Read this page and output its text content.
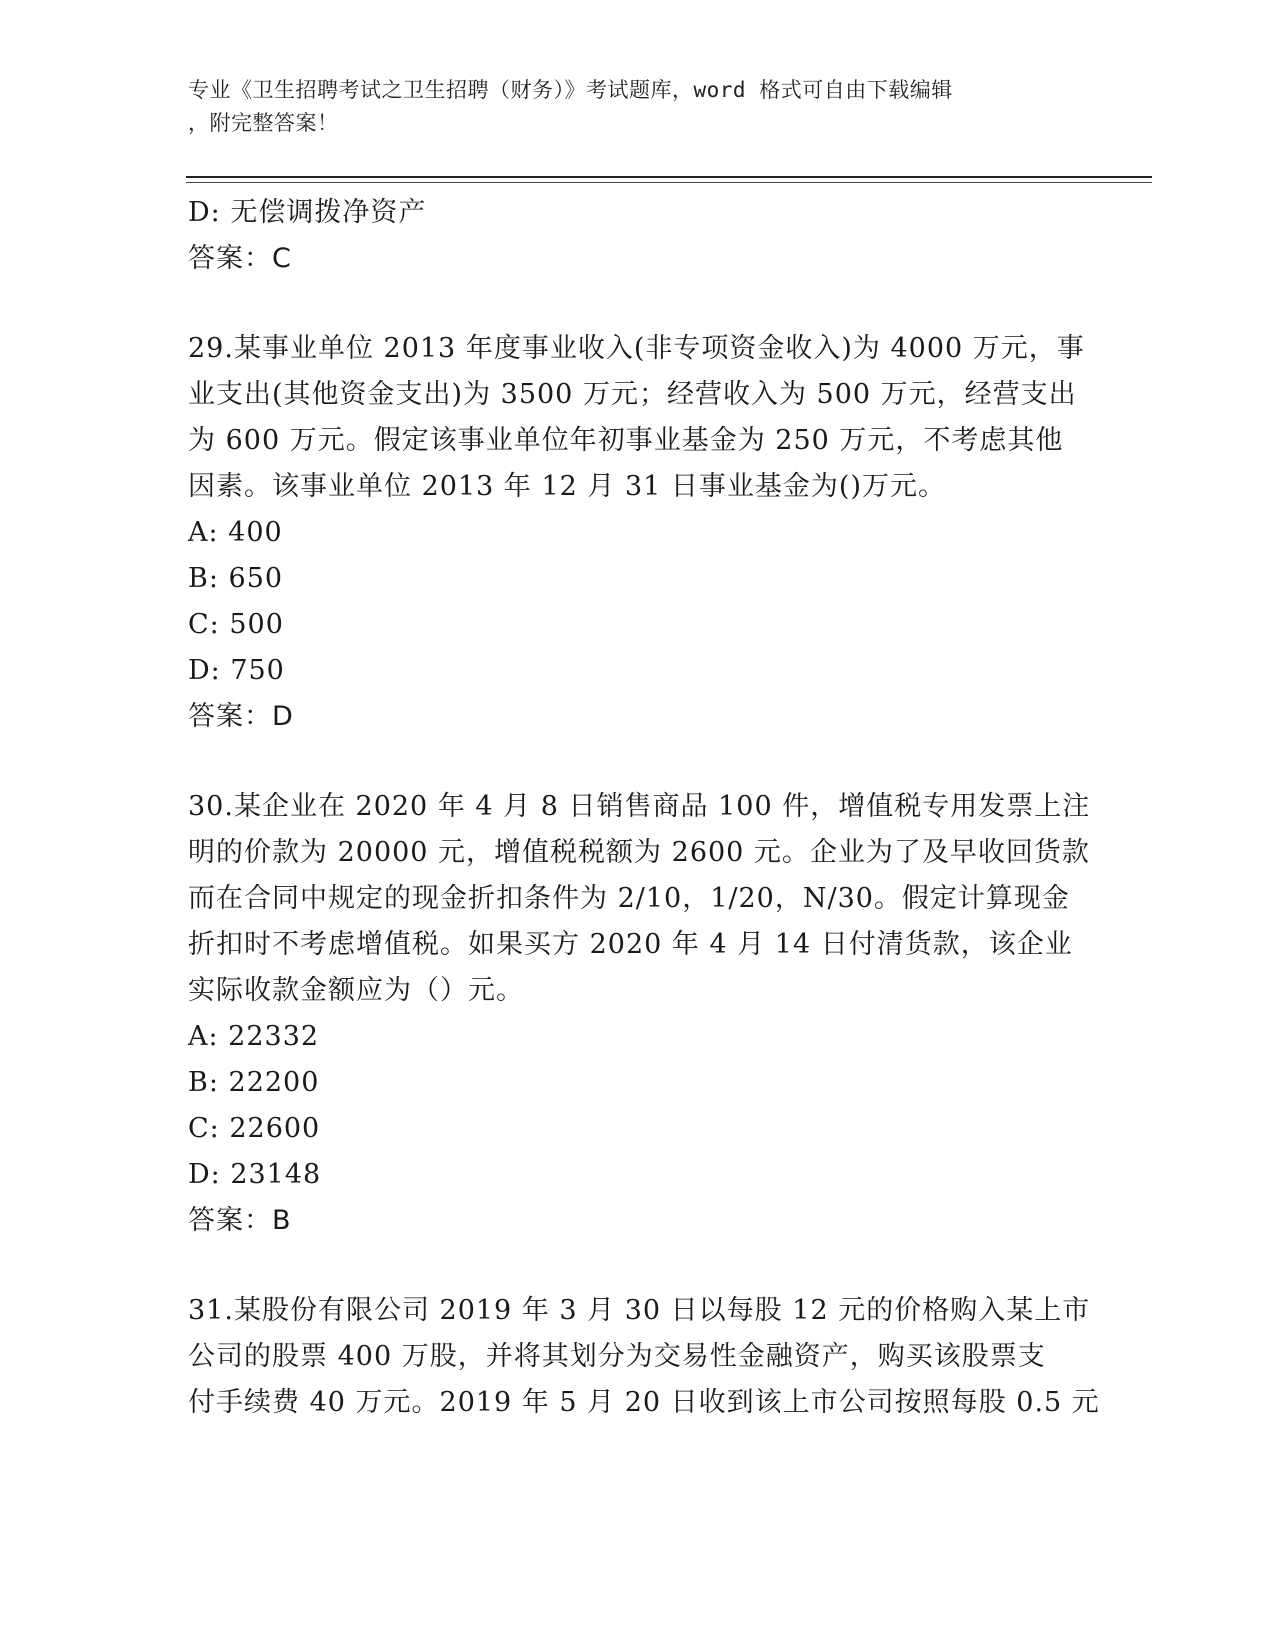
专业《卫生招聘考试之卫生招聘（财务）》考试题库，word 格式可自由下载编辑
，附完整答案！
D: 无偿调拨净资产
答案：C
29.某事业单位 2013 年度事业收入(非专项资金收入)为 4000 万元，事
业支出(其他资金支出)为 3500 万元；经营收入为 500 万元，经营支出
为 600 万元。假定该事业单位年初事业基金为 250 万元，不考虑其他
因素。该事业单位 2013 年 12 月 31 日事业基金为()万元。
A: 400
B: 650
C: 500
D: 750
答案：D
30.某企业在 2020 年 4 月 8 日销售商品 100 件，增值税专用发票上注
明的价款为 20000 元，增值税税额为 2600 元。企业为了及早收回货款
而在合同中规定的现金折扣条件为 2/10，1/20，N/30。假定计算现金
折扣时不考虑增值税。如果买方 2020 年 4 月 14 日付清货款，该企业
实际收款金额应为（）元。
A: 22332
B: 22200
C: 22600
D: 23148
答案：B
31.某股份有限公司 2019 年 3 月 30 日以每股 12 元的价格购入某上市
公司的股票 400 万股，并将其划分为交易性金融资产，购买该股票支
付手续费 40 万元。2019 年 5 月 20 日收到该上市公司按照每股 0.5 元
